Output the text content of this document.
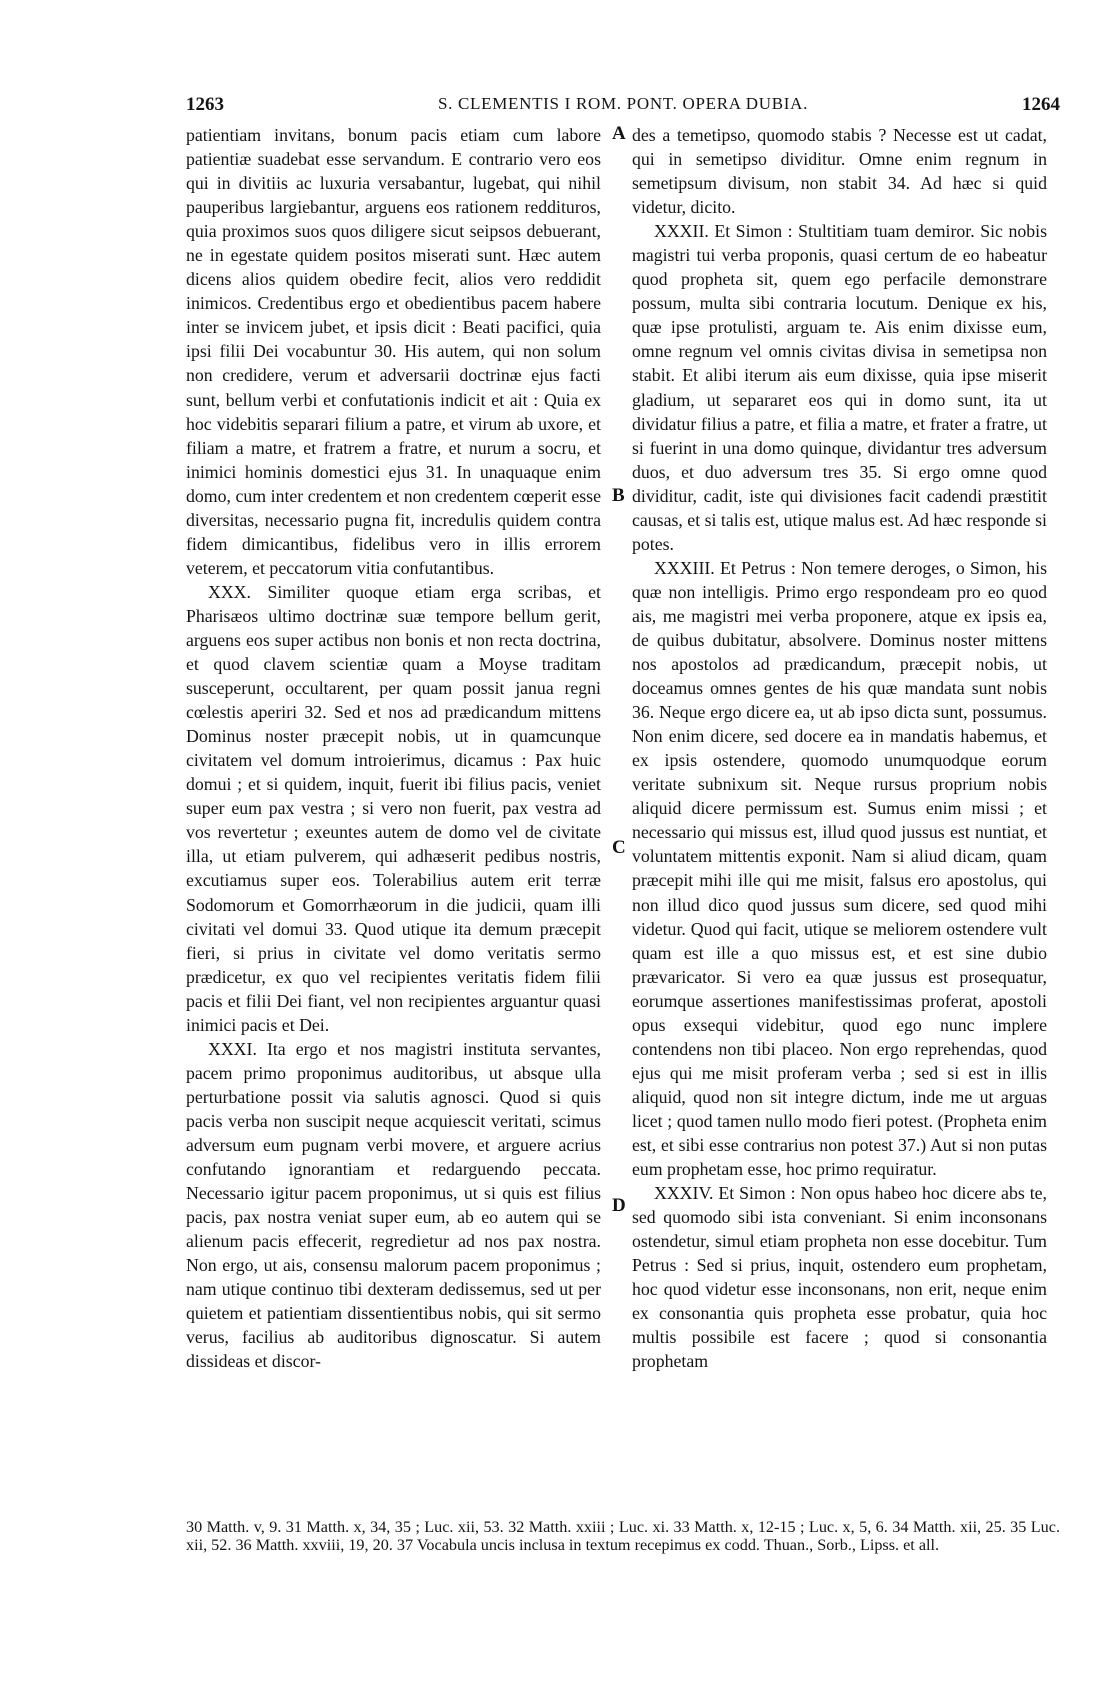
1263	S. CLEMENTIS I ROM. PONT. OPERA DUBIA.	1264

patientiam invitans, bonum pacis etiam cum labore patientiæ suadebat esse servandum. E contrario vero eos qui in divitiis ac luxuria versabantur, lugebat, qui nihil pauperibus largiebantur, arguens eos rationem reddituros, quia proximos suos quos diligere sicut seipsos debuerant, ne in egestate quidem positos miserati sunt. Hæc autem dicens alios quidem obedire fecit, alios vero reddidit inimicos. Credentibus ergo et obedientibus pacem habere inter se invicem jubet, et ipsis dicit : Beati pacifici, quia ipsi filii Dei vocabuntur 30. His autem, qui non solum non credidere, verum et adversarii doctrinæ ejus facti sunt, bellum verbi et confutationis indicit et ait : Quia ex hoc videbitis separari filium a patre, et virum ab uxore, et filiam a matre, et fratrem a fratre, et nurum a socru, et inimici hominis domestici ejus 31. In unaquaque enim domo, cum inter credentem et non credentem cœperit esse diversitas, necessario pugna fit, incredulis quidem contra fidem dimicantibus, fidelibus vero in illis errorem veterem, et peccatorum vitia confutantibus.

XXX. Similiter quoque etiam erga scribas, et Pharisæos ultimo doctrinæ suæ tempore bellum gerit, arguens eos super actibus non bonis et non recta doctrina, et quod clavem scientiæ quam a Moyse traditam susceperunt, occultarent, per quam possit janua regni cœlestis aperiri 32. Sed et nos ad prædicandum mittens Dominus noster præcepit nobis, ut in quamcunque civitatem vel domum introierimus, dicamus : Pax huic domui ; et si quidem, inquit, fuerit ibi filius pacis, veniet super eum pax vestra ; si vero non fuerit, pax vestra ad vos revertetur ; exeuntes autem de domo vel de civitate illa, ut etiam pulverem, qui adhæserit pedibus nostris, excutiamus super eos. Tolerabilius autem erit terræ Sodomorum et Gomorrhæorum in die judicii, quam illi civitati vel domui 33. Quod utique ita demum præcepit fieri, si prius in civitate vel domo veritatis sermo prædicetur, ex quo vel recipientes veritatis fidem filii pacis et filii Dei fiant, vel non recipientes arguantur quasi inimici pacis et Dei.

XXXI. Ita ergo et nos magistri instituta servantes, pacem primo proponimus auditoribus, ut absque ulla perturbatione possit via salutis agnosci. Quod si quis pacis verba non suscipit neque acquiescit veritati, scimus adversum eum pugnam verbi movere, et arguere acrius confutando ignorantiam et redarguendo peccata. Necessario igitur pacem proponimus, ut si quis est filius pacis, pax nostra veniat super eum, ab eo autem qui se alienum pacis effecerit, regredietur ad nos pax nostra. Non ergo, ut ais, consensu malorum pacem proponimus ; nam utique continuo tibi dexteram dedissemus, sed ut per quietem et patientiam dissentientibus nobis, qui sit sermo verus, facilius ab auditoribus dignoscatur. Si autem dissideas et discor-

des a temetipso, quomodo stabis ? Necesse est ut cadat, qui in semetipso dividitur. Omne enim regnum in semetipsum divisum, non stabit 34. Ad hæc si quid videtur, dicito.

XXXII. Et Simon : Stultitiam tuam demiror. Sic nobis magistri tui verba proponis, quasi certum de eo habeatur quod propheta sit, quem ego perfacile demonstrare possum, multa sibi contraria locutum. Denique ex his, quæ ipse protulisti, arguam te. Ais enim dixisse eum, omne regnum vel omnis civitas divisa in semetipsa non stabit. Et alibi iterum ais eum dixisse, quia ipse miserit gladium, ut separaret eos qui in domo sunt, ita ut dividatur filius a patre, et filia a matre, et frater a fratre, ut si fuerint in una domo quinque, dividantur tres adversum duos, et duo adversum tres 35. Si ergo omne quod dividitur, cadit, iste qui divisiones facit cadendi præstitit causas, et si talis est, utique malus est. Ad hæc responde si potes.

XXXIII. Et Petrus : Non temere deroges, o Simon, his quæ non intelligis. Primo ergo respondeam pro eo quod ais, me magistri mei verba proponere, atque ex ipsis ea, de quibus dubitatur, absolvere. Dominus noster mittens nos apostolos ad prædicandum, præcepit nobis, ut doceamus omnes gentes de his quæ mandata sunt nobis 36. Neque ergo dicere ea, ut ab ipso dicta sunt, possumus. Non enim dicere, sed docere ea in mandatis habemus, et ex ipsis ostendere, quomodo unumquodque eorum veritate subnixum sit. Neque rursus proprium nobis aliquid dicere permissum est. Sumus enim missi ; et necessario qui missus est, illud quod jussus est nuntiat, et voluntatem mittentis exponit. Nam si aliud dicam, quam præcepit mihi ille qui me misit, falsus ero apostolus, qui non illud dico quod jussus sum dicere, sed quod mihi videtur. Quod qui facit, utique se meliorem ostendere vult quam est ille a quo missus est, et est sine dubio prævaricator. Si vero ea quæ jussus est prosequatur, eorumque assertiones manifestissimas proferat, apostoli opus exsequi videbitur, quod ego nunc implere contendens non tibi placeo. Non ergo reprehendas, quod ejus qui me misit proferam verba ; sed si est in illis aliquid, quod non sit integre dictum, inde me ut arguas licet ; quod tamen nullo modo fieri potest. (Propheta enim est, et sibi esse contrarius non potest 37.) Aut si non putas eum prophetam esse, hoc primo requiratur.

XXXIV. Et Simon : Non opus habeo hoc dicere abs te, sed quomodo sibi ista conveniant. Si enim inconsonans ostendetur, simul etiam propheta non esse docebitur. Tum Petrus : Sed si prius, inquit, ostendero eum prophetam, hoc quod videtur esse inconsonans, non erit, neque enim ex consonantia quis propheta esse probatur, quia hoc multis possibile est facere ; quod si consonantia prophetam

A
B
C
D

30 Matth. v, 9. 31 Matth. x, 34, 35 ; Luc. xii, 53. 32 Matth. xxiii ; Luc. xi. 33 Matth. x, 12-15 ; Luc. x, 5, 6. 34 Matth. xii, 25. 35 Luc. xii, 52. 36 Matth. xxviii, 19, 20. 37 Vocabula uncis inclusa in textum recepimus ex codd. Thuan., Sorb., Lipss. et all.
